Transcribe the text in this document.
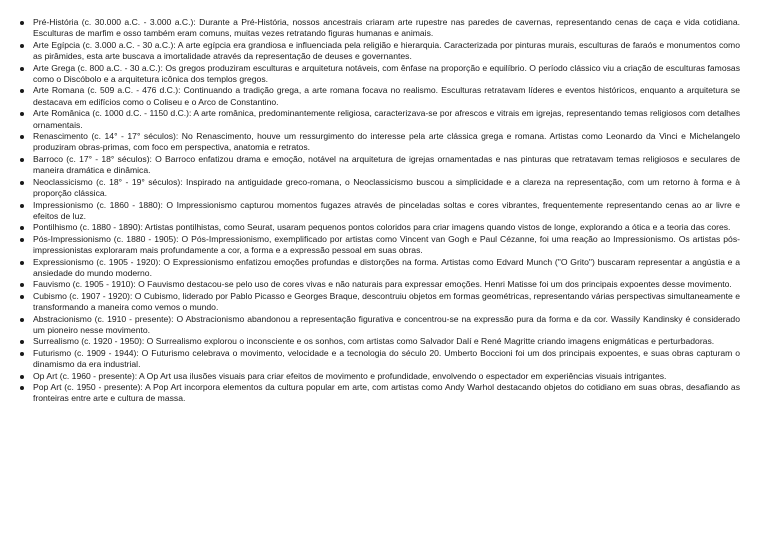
Pré-História (c. 30.000 a.C. - 3.000 a.C.): Durante a Pré-História, nossos ancestrais criaram arte rupestre nas paredes de cavernas, representando cenas de caça e vida cotidiana. Esculturas de marfim e osso também eram comuns, muitas vezes retratando figuras humanas e animais.
Arte Egípcia (c. 3.000 a.C. - 30 a.C.): A arte egípcia era grandiosa e influenciada pela religião e hierarquia. Caracterizada por pinturas murais, esculturas de faraós e monumentos como as pirâmides, esta arte buscava a imortalidade através da representação de deuses e governantes.
Arte Grega (c. 800 a.C. - 30 a.C.): Os gregos produziram esculturas e arquitetura notáveis, com ênfase na proporção e equilíbrio. O período clássico viu a criação de esculturas famosas como o Discóbolo e a arquitetura icônica dos templos gregos.
Arte Romana (c. 509 a.C. - 476 d.C.): Continuando a tradição grega, a arte romana focava no realismo. Esculturas retratavam líderes e eventos históricos, enquanto a arquitetura se destacava em edifícios como o Coliseu e o Arco de Constantino.
Arte Românica (c. 1000 d.C. - 1150 d.C.): A arte românica, predominantemente religiosa, caracterizava-se por afrescos e vitrais em igrejas, representando temas religiosos com detalhes ornamentais.
Renascimento (c. 14° - 17° séculos): No Renascimento, houve um ressurgimento do interesse pela arte clássica grega e romana. Artistas como Leonardo da Vinci e Michelangelo produziram obras-primas, com foco em perspectiva, anatomia e retratos.
Barroco (c. 17° - 18° séculos): O Barroco enfatizou drama e emoção, notável na arquitetura de igrejas ornamentadas e nas pinturas que retratavam temas religiosos e seculares de maneira dramática e dinâmica.
Neoclassicismo (c. 18° - 19° séculos): Inspirado na antiguidade greco-romana, o Neoclassicismo buscou a simplicidade e a clareza na representação, com um retorno à forma e à proporção clássica.
Impressionismo (c. 1860 - 1880): O Impressionismo capturou momentos fugazes através de pinceladas soltas e cores vibrantes, frequentemente representando cenas ao ar livre e efeitos de luz.
Pontilhismo (c. 1880 - 1890): Artistas pontilhistas, como Seurat, usaram pequenos pontos coloridos para criar imagens quando vistos de longe, explorando a ótica e a teoria das cores.
Pós-Impressionismo (c. 1880 - 1905): O Pós-Impressionismo, exemplificado por artistas como Vincent van Gogh e Paul Cézanne, foi uma reação ao Impressionismo. Os artistas pós-impressionistas exploraram mais profundamente a cor, a forma e a expressão pessoal em suas obras.
Expressionismo (c. 1905 - 1920): O Expressionismo enfatizou emoções profundas e distorções na forma. Artistas como Edvard Munch ("O Grito") buscaram representar a angústia e a ansiedade do mundo moderno.
Fauvismo (c. 1905 - 1910): O Fauvismo destacou-se pelo uso de cores vivas e não naturais para expressar emoções. Henri Matisse foi um dos principais expoentes desse movimento.
Cubismo (c. 1907 - 1920): O Cubismo, liderado por Pablo Picasso e Georges Braque, descontruiu objetos em formas geométricas, representando várias perspectivas simultaneamente e transformando a maneira como vemos o mundo.
Abstracionismo (c. 1910 - presente): O Abstracionismo abandonou a representação figurativa e concentrou-se na expressão pura da forma e da cor. Wassily Kandinsky é considerado um pioneiro nesse movimento.
Surrealismo (c. 1920 - 1950): O Surrealismo explorou o inconsciente e os sonhos, com artistas como Salvador Dalí e René Magritte criando imagens enigmáticas e perturbadoras.
Futurismo (c. 1909 - 1944): O Futurismo celebrava o movimento, velocidade e a tecnologia do século 20. Umberto Boccioni foi um dos principais expoentes, e suas obras capturam o dinamismo da era industrial.
Op Art (c. 1960 - presente): A Op Art usa ilusões visuais para criar efeitos de movimento e profundidade, envolvendo o espectador em experiências visuais intrigantes.
Pop Art (c. 1950 - presente): A Pop Art incorpora elementos da cultura popular em arte, com artistas como Andy Warhol destacando objetos do cotidiano em suas obras, desafiando as fronteiras entre arte e cultura de massa.
